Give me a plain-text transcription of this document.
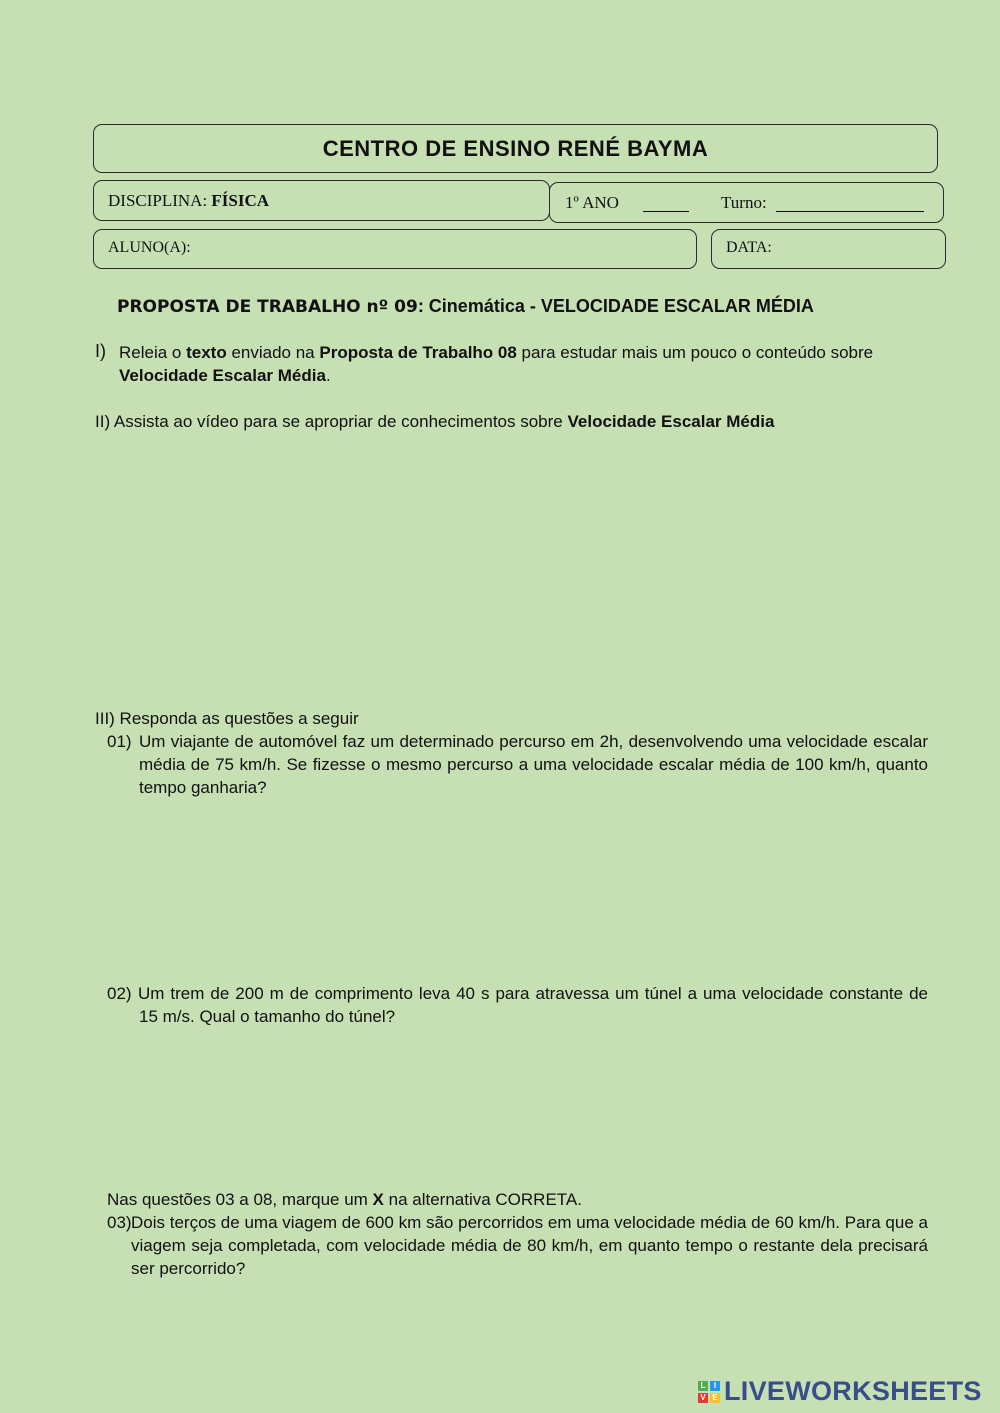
CENTRO DE ENSINO RENÉ BAYMA
DISCIPLINA: FÍSICA	1º ANO	Turno:
ALUNO(A):	DATA:
PROPOSTA DE TRABALHO nº 09: Cinemática - VELOCIDADE ESCALAR MÉDIA
I) Releia o texto enviado na Proposta de Trabalho 08 para estudar mais um pouco o conteúdo sobre
Velocidade Escalar Média.
II) Assista ao vídeo para se apropriar de conhecimentos sobre Velocidade Escalar Média
III) Responda as questões a seguir
01) Um viajante de automóvel faz um determinado percurso em 2h, desenvolvendo uma velocidade escalar média de 75 km/h. Se fizesse o mesmo percurso a uma velocidade escalar média de 100 km/h, quanto tempo ganharia?
02) Um trem de 200 m de comprimento leva 40 s para atravessa um túnel a uma velocidade constante de 15 m/s. Qual o tamanho do túnel?
Nas questões 03 a 08, marque um X na alternativa CORRETA.
03) Dois terços de uma viagem de 600 km são percorridos em uma velocidade média de 60 km/h. Para que a viagem seja completada, com velocidade média de 80 km/h, em quanto tempo o restante dela precisará ser percorrido?
L	I
V E LIVEWORKSHEETS
